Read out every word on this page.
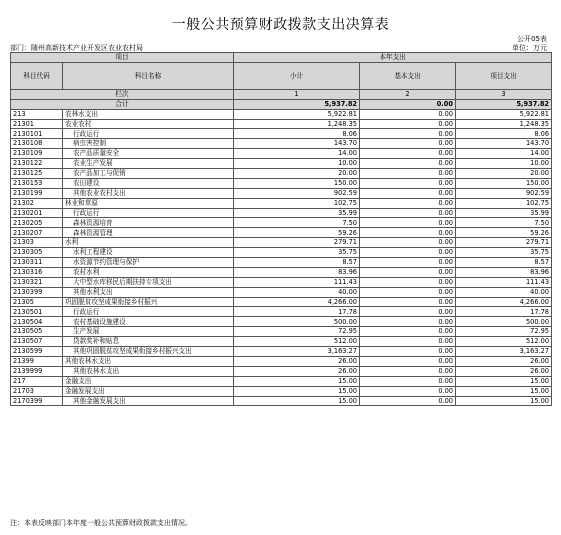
一般公共预算财政拨款支出决算表
公开05表
部门：随州高新技术产业开发区农业农村局	单位：万元
项目		本年支出		
科目代码	科目名称	小计	基本支出	项目支出
栏次		1	2	3
合计		5,937.82	0.00	5,937.82
213	农林水支出	5,922.81	0.00	5,922.81
21301	农业农村	1,248.35	0.00	1,248.35
2130101	行政运行	8.06	0.00	8.06
2130108	病虫害控制	143.70	0.00	143.70
2130109	农产品质量安全	14.00	0.00	14.00
2130122	农业生产发展	10.00	0.00	10.00
2130125	农产品加工与促销	20.00	0.00	20.00
2130153	农田建设	150.00	0.00	150.00
2130199	其他农业农村支出	902.59	0.00	902.59
21302	林业和草原	102.75	0.00	102.75
2130201	行政运行	35.99	0.00	35.99
2130205	森林资源培育	7.50	0.00	7.50
2130207	森林资源管理	59.26	0.00	59.26
21303	水利	279.71	0.00	279.71
2130305	水利工程建设	35.75	0.00	35.75
2130311	水资源节约管理与保护	8.57	0.00	8.57
2130316	农村水利	83.96	0.00	83.96
2130321	大中型水库移民后期扶持专项支出	111.43	0.00	111.43
2130399	其他水利支出	40.00	0.00	40.00
21305	巩固脱贫攻坚成果衔接乡村振兴	4,266.00	0.00	4,266.00
2130501	行政运行	17.78	0.00	17.78
2130504	农村基础设施建设	500.00	0.00	500.00
2130505	生产发展	72.95	0.00	72.95
2130507	贷款奖补和贴息	512.00	0.00	512.00
2130599	其他巩固脱贫攻坚成果衔接乡村振兴支出	3,163.27	0.00	3,163.27
21399	其他农林水支出	26.00	0.00	26.00
2139999	其他农林水支出	26.00	0.00	26.00
217	金融支出	15.00	0.00	15.00
21703	金融发展支出	15.00	0.00	15.00
2170399	其他金融发展支出	15.00	0.00	15.00
注：本表反映部门本年度一般公共预算财政拨款支出情况。
